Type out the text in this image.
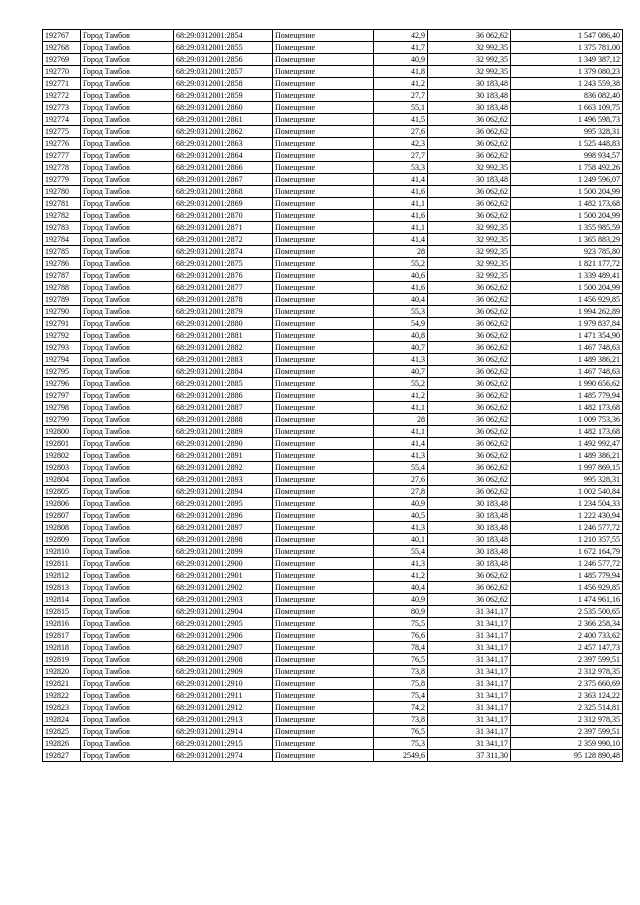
192767	Город Тамбов	68:29:0312001:2854	Помещение	42,9	36 062,62	1 547 086,40
192768	Город Тамбов	68:29:0312001:2855	Помещение	41,7	32 992,35	1 375 781,00
192769	Город Тамбов	68:29:0312001:2856	Помещение	40,9	32 992,35	1 349 387,12
192770	Город Тамбов	68:29:0312001:2857	Помещение	41,8	32 992,35	1 379 080,23
192771	Город Тамбов	68:29:0312001:2858	Помещение	41,2	30 183,48	1 243 559,38
192772	Город Тамбов	68:29:0312001:2859	Помещение	27,7	30 183,48	836 082,40
192773	Город Тамбов	68:29:0312001:2860	Помещение	55,1	30 183,48	1 663 109,75
192774	Город Тамбов	68:29:0312001:2861	Помещение	41,5	36 062,62	1 496 598,73
192775	Город Тамбов	68:29:0312001:2862	Помещение	27,6	36 062,62	995 328,31
192776	Город Тамбов	68:29:0312001:2863	Помещение	42,3	36 062,62	1 525 448,83
192777	Город Тамбов	68:29:0312001:2864	Помещение	27,7	36 062,62	998 934,57
192778	Город Тамбов	68:29:0312001:2866	Помещение	53,3	32 992,35	1 758 492,26
192779	Город Тамбов	68:29:0312001:2867	Помещение	41,4	30 183,48	1 249 596,07
192780	Город Тамбов	68:29:0312001:2868	Помещение	41,6	36 062,62	1 500 204,99
192781	Город Тамбов	68:29:0312001:2869	Помещение	41,1	36 062,62	1 482 173,68
192782	Город Тамбов	68:29:0312001:2870	Помещение	41,6	36 062,62	1 500 204,99
192783	Город Тамбов	68:29:0312001:2871	Помещение	41,1	32 992,35	1 355 985,59
192784	Город Тамбов	68:29:0312001:2872	Помещение	41,4	32 992,35	1 365 883,29
192785	Город Тамбов	68:29:0312001:2874	Помещение	28	32 992,35	923 785,80
192786	Город Тамбов	68:29:0312001:2875	Помещение	55,2	32 992,35	1 821 177,72
192787	Город Тамбов	68:29:0312001:2876	Помещение	40,6	32 992,35	1 339 489,41
192788	Город Тамбов	68:29:0312001:2877	Помещение	41,6	36 062,62	1 500 204,99
192789	Город Тамбов	68:29:0312001:2878	Помещение	40,4	36 062,62	1 456 929,85
192790	Город Тамбов	68:29:0312001:2879	Помещение	55,3	36 062,62	1 994 262,89
192791	Город Тамбов	68:29:0312001:2880	Помещение	54,9	36 062,62	1 979 837,84
192792	Город Тамбов	68:29:0312001:2881	Помещение	40,8	36 062,62	1 471 354,90
192793	Город Тамбов	68:29:0312001:2882	Помещение	40,7	36 062,62	1 467 748,63
192794	Город Тамбов	68:29:0312001:2883	Помещение	41,3	36 062,62	1 489 386,21
192795	Город Тамбов	68:29:0312001:2884	Помещение	40,7	36 062,62	1 467 748,63
192796	Город Тамбов	68:29:0312001:2885	Помещение	55,2	36 062,62	1 990 656,62
192797	Город Тамбов	68:29:0312001:2886	Помещение	41,2	36 062,62	1 485 779,94
192798	Город Тамбов	68:29:0312001:2887	Помещение	41,1	36 062,62	1 482 173,68
192799	Город Тамбов	68:29:0312001:2888	Помещение	28	36 062,62	1 009 753,36
192800	Город Тамбов	68:29:0312001:2889	Помещение	41,1	36 062,62	1 482 173,68
192801	Город Тамбов	68:29:0312001:2890	Помещение	41,4	36 062,62	1 492 992,47
192802	Город Тамбов	68:29:0312001:2891	Помещение	41,3	36 062,62	1 489 386,21
192803	Город Тамбов	68:29:0312001:2892	Помещение	55,4	36 062,62	1 997 869,15
192804	Город Тамбов	68:29:0312001:2893	Помещение	27,6	36 062,62	995 328,31
192805	Город Тамбов	68:29:0312001:2894	Помещение	27,8	36 062,62	1 002 540,84
192806	Город Тамбов	68:29:0312001:2895	Помещение	40,9	30 183,48	1 234 504,33
192807	Город Тамбов	68:29:0312001:2896	Помещение	40,5	30 183,48	1 222 430,94
192808	Город Тамбов	68:29:0312001:2897	Помещение	41,3	30 183,48	1 246 577,72
192809	Город Тамбов	68:29:0312001:2898	Помещение	40,1	30 183,48	1 210 357,55
192810	Город Тамбов	68:29:0312001:2899	Помещение	55,4	30 183,48	1 672 164,79
192811	Город Тамбов	68:29:0312001:2900	Помещение	41,3	30 183,48	1 246 577,72
192812	Город Тамбов	68:29:0312001:2901	Помещение	41,2	36 062,62	1 485 779,94
192813	Город Тамбов	68:29:0312001:2902	Помещение	40,4	36 062,62	1 456 929,85
192814	Город Тамбов	68:29:0312001:2903	Помещение	40,9	36 062,62	1 474 961,16
192815	Город Тамбов	68:29:0312001:2904	Помещение	80,9	31 341,17	2 535 500,65
192816	Город Тамбов	68:29:0312001:2905	Помещение	75,5	31 341,17	2 366 258,34
192817	Город Тамбов	68:29:0312001:2906	Помещение	76,6	31 341,17	2 400 733,62
192818	Город Тамбов	68:29:0312001:2907	Помещение	78,4	31 341,17	2 457 147,73
192819	Город Тамбов	68:29:0312001:2908	Помещение	76,5	31 341,17	2 397 599,51
192820	Город Тамбов	68:29:0312001:2909	Помещение	73,8	31 341,17	2 312 978,35
192821	Город Тамбов	68:29:0312001:2910	Помещение	75,8	31 341,17	2 375 660,69
192822	Город Тамбов	68:29:0312001:2911	Помещение	75,4	31 341,17	2 363 124,22
192823	Город Тамбов	68:29:0312001:2912	Помещение	74,2	31 341,17	2 325 514,81
192824	Город Тамбов	68:29:0312001:2913	Помещение	73,8	31 341,17	2 312 978,35
192825	Город Тамбов	68:29:0312001:2914	Помещение	76,5	31 341,17	2 397 599,51
192826	Город Тамбов	68:29:0312001:2915	Помещение	75,3	31 341,17	2 359 990,10
192827	Город Тамбов	68:29:0312001:2974	Помещение	2549,6	37 311,30	95 128 890,48
